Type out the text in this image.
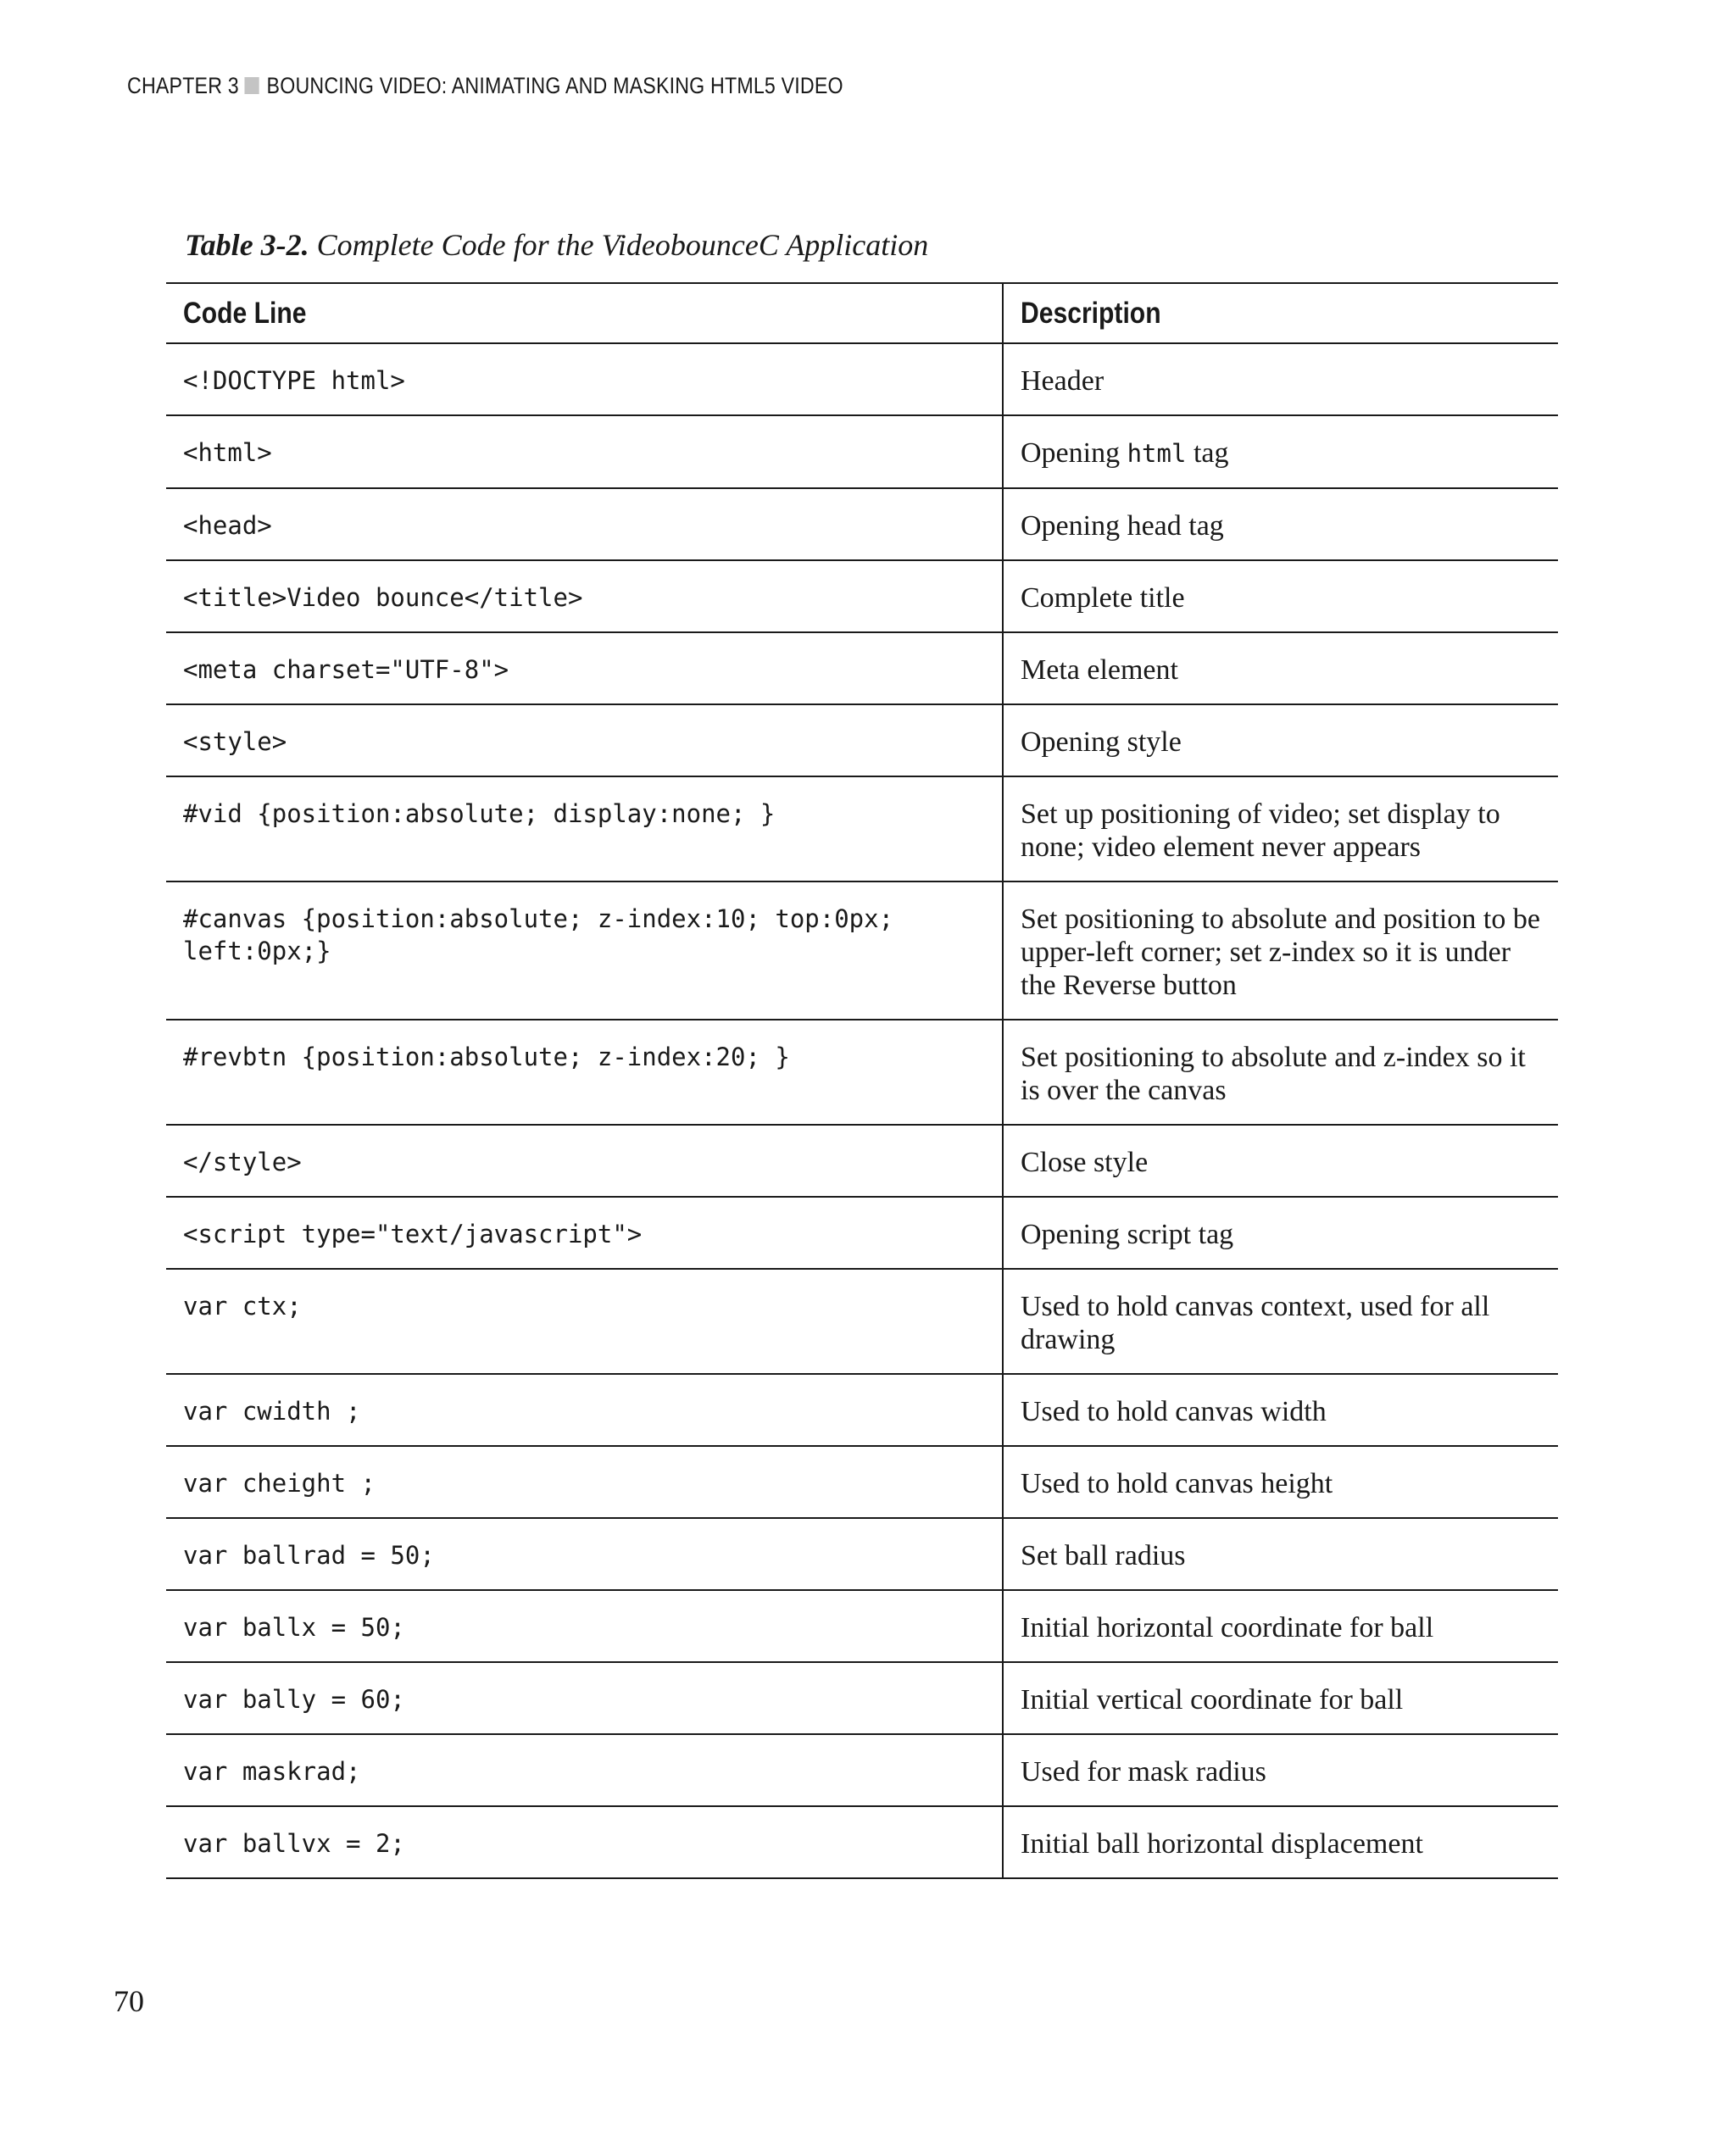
CHAPTER 3 BOUNCING VIDEO: ANIMATING AND MASKING HTML5 VIDEO
Table 3-2. Complete Code for the VideobounceC Application
Code Line	Description
<!DOCTYPE html>	Header
<html>	Opening html tag
<head>	Opening head tag
<title>Video bounce</title>	Complete title
<meta charset="UTF-8">	Meta element
<style>	Opening style
#vid {position:absolute; display:none; }	Set up positioning of video; set display to none; video element never appears
#canvas {position:absolute; z-index:10; top:0px; left:0px;}	Set positioning to absolute and position to be upper-left corner; set z-index so it is under the Reverse button
#revbtn {position:absolute; z-index:20; }	Set positioning to absolute and z-index so it is over the canvas
</style>	Close style
<script type="text/javascript">	Opening script tag
var ctx;	Used to hold canvas context, used for all drawing
var cwidth ;	Used to hold canvas width
var cheight ;	Used to hold canvas height
var ballrad = 50;	Set ball radius
var ballx = 50;	Initial horizontal coordinate for ball
var bally = 60;	Initial vertical coordinate for ball
var maskrad;	Used for mask radius
var ballvx = 2;	Initial ball horizontal displacement
70
